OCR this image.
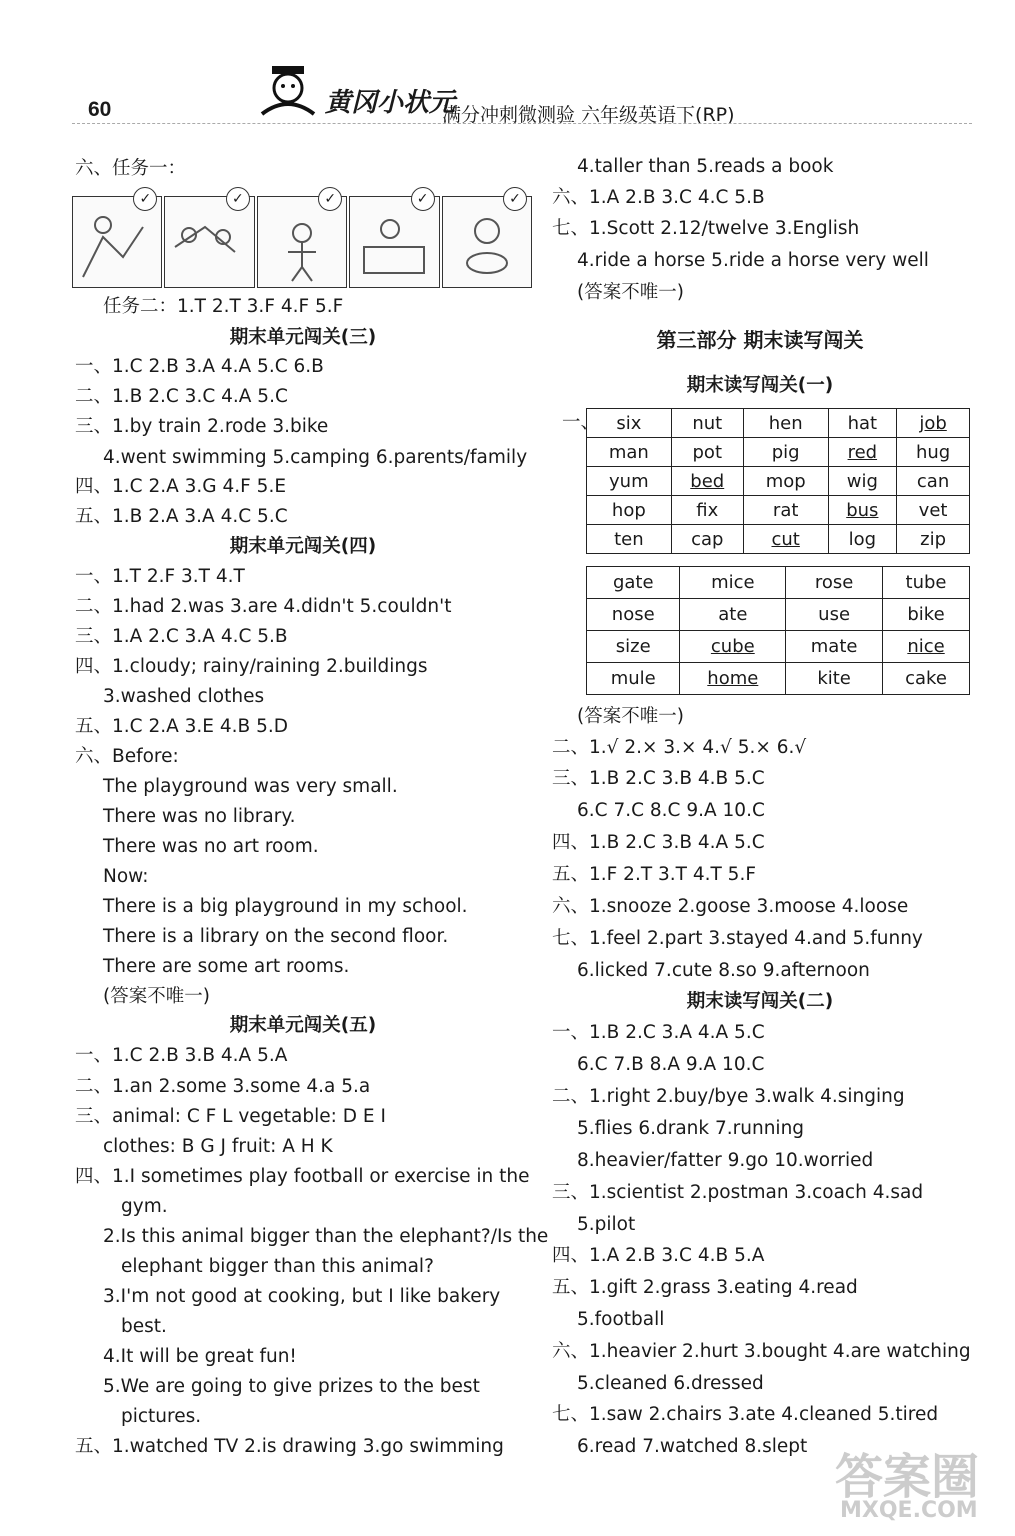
60	黄冈小状元
满分冲刺微测验 六年级英语下(RP)
六、任务一：
✓	✓	✓	✓	✓
任务二：1.T 2.T 3.F 4.F 5.F
期末单元闯关(三)
一、1.C 2.B 3.A 4.A 5.C 6.B
二、1.B 2.C 3.C 4.A 5.C
三、1.by train 2.rode 3.bike
4.went swimming 5.camping 6.parents/family
四、1.C 2.A 3.G 4.F 5.E
五、1.B 2.A 3.A 4.C 5.C
期末单元闯关(四)
一、1.T 2.F 3.T 4.T
二、1.had 2.was 3.are 4.didn't 5.couldn't
三、1.A 2.C 3.A 4.C 5.B
四、1.cloudy; rainy/raining 2.buildings
3.washed clothes
五、1.C 2.A 3.E 4.B 5.D
六、Before:
The playground was very small.
There was no library.
There was no art room.
Now:
There is a big playground in my school.
There is a library on the second floor.
There are some art rooms.
(答案不唯一)
期末单元闯关(五)
一、1.C 2.B 3.B 4.A 5.A
二、1.an 2.some 3.some 4.a 5.a
三、animal: C F L vegetable: D E I
clothes: B G J fruit: A H K
四、1.I sometimes play football or exercise in the
gym.
2.Is this animal bigger than the elephant?/Is the
elephant bigger than this animal?
3.I'm not good at cooking, but I like bakery
best.
4.It will be great fun!
5.We are going to give prizes to the best
pictures.
五、1.watched TV 2.is drawing 3.go swimming
4.taller than 5.reads a book
六、1.A 2.B 3.C 4.C 5.B
七、1.Scott 2.12/twelve 3.English
4.ride a horse 5.ride a horse very well
(答案不唯一)
第三部分 期末读写闯关
期末读写闯关(一)
一、 six	nut	hen	hat	job
man	pot	pig	red	hug
yum	bed	mop	wig	can
hop	fix	rat	bus	vet
ten	cap	cut	log	zip
gate	mice	rose	tube
nose	ate	use	bike
size	cube	mate	nice
mule	home	kite	cake
(答案不唯一)
二、1.√ 2.× 3.× 4.√ 5.× 6.√
三、1.B 2.C 3.B 4.B 5.C
6.C 7.C 8.C 9.A 10.C
四、1.B 2.C 3.B 4.A 5.C
五、1.F 2.T 3.T 4.T 5.F
六、1.snooze 2.goose 3.moose 4.loose
七、1.feel 2.part 3.stayed 4.and 5.funny
6.licked 7.cute 8.so 9.afternoon
期末读写闯关(二)
一、1.B 2.C 3.A 4.A 5.C
6.C 7.B 8.A 9.A 10.C
二、1.right 2.buy/bye 3.walk 4.singing
5.flies 6.drank 7.running
8.heavier/fatter 9.go 10.worried
三、1.scientist 2.postman 3.coach 4.sad
5.pilot
四、1.A 2.B 3.C 4.B 5.A
五、1.gift 2.grass 3.eating 4.read
5.football
六、1.heavier 2.hurt 3.bought 4.are watching
5.cleaned 6.dressed
七、1.saw 2.chairs 3.ate 4.cleaned 5.tired
6.read 7.watched 8.slept
答案圈
MXQE.COM
